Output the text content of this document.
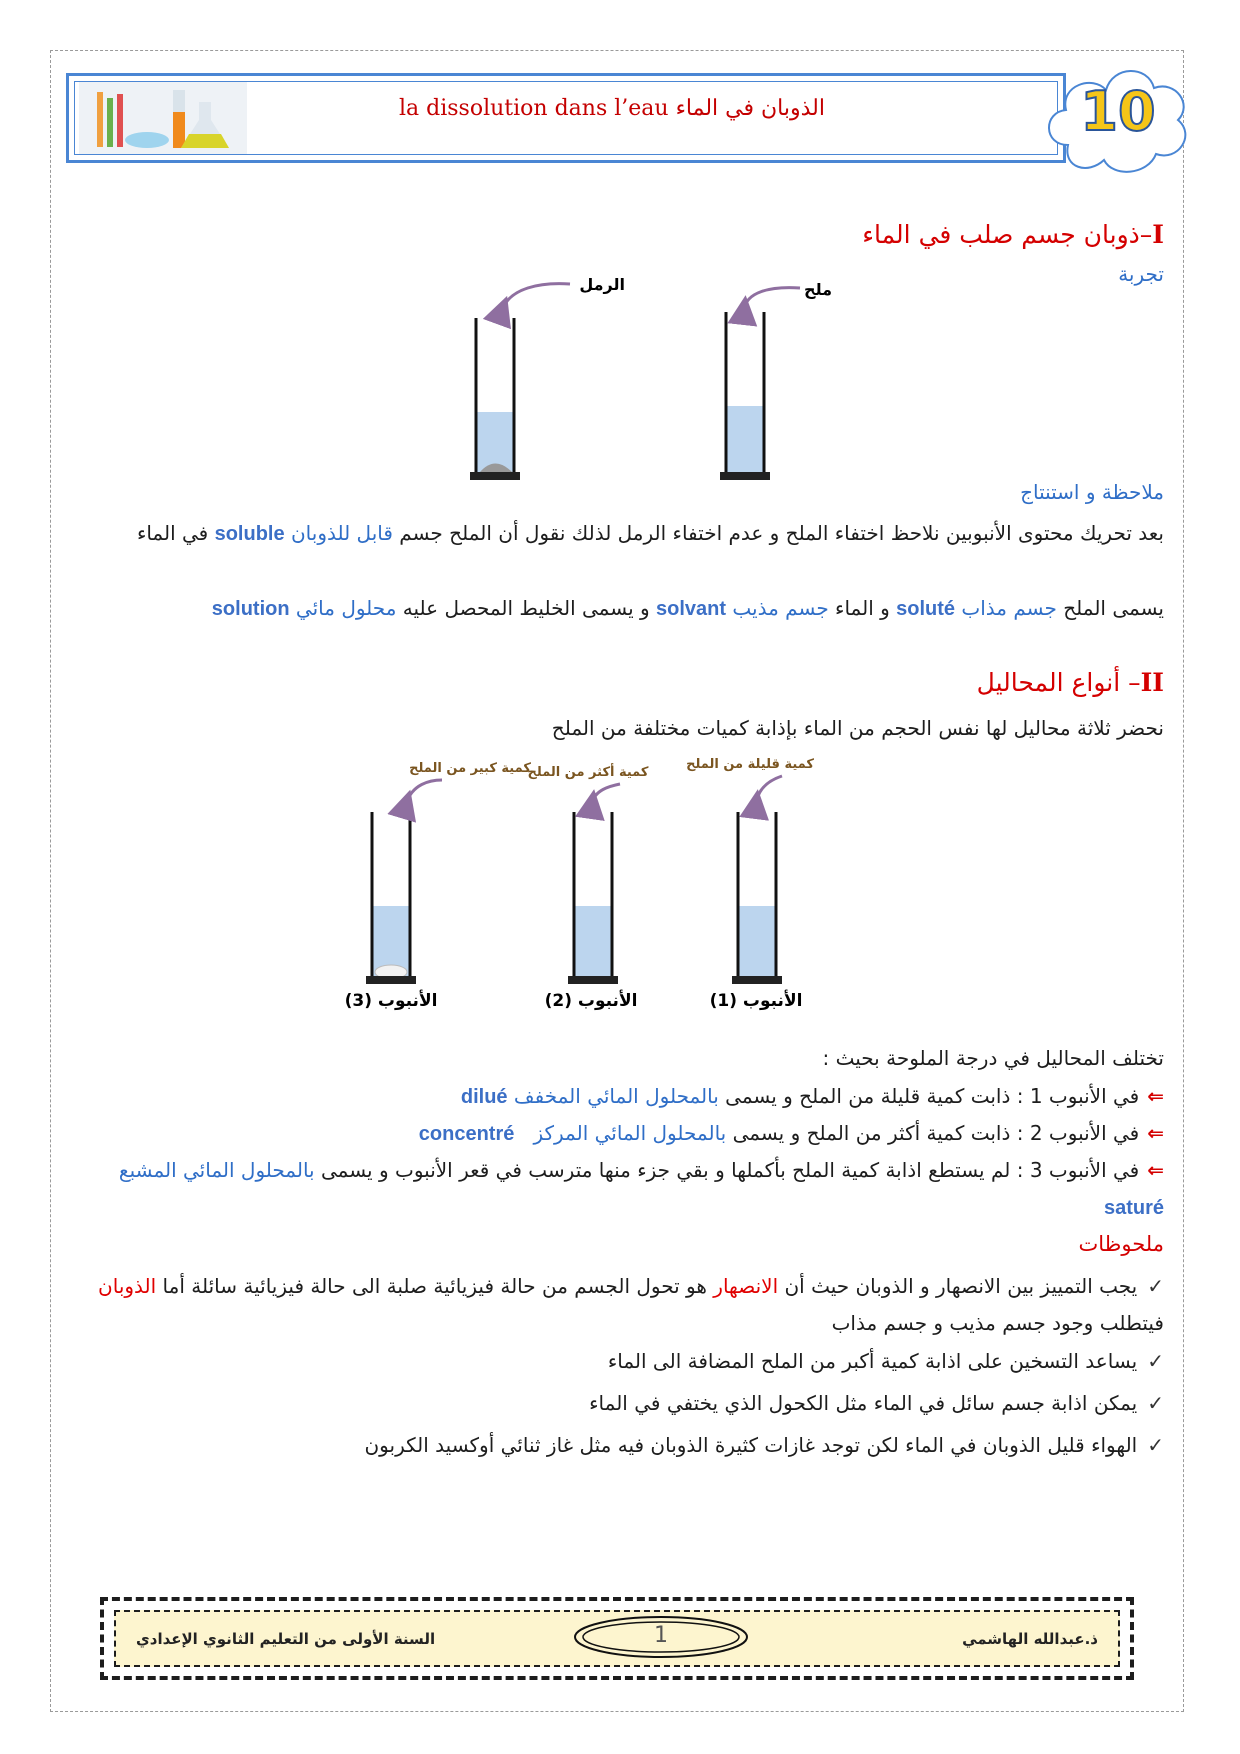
la dissolution dans l’eau الذوبان في الماء	10
I–ذوبان جسم صلب في الماء
تجربة
الرمل	ملح
ملاحظة و استنتاج
بعد تحريك محتوى الأنبوبين نلاحظ اختفاء الملح و عدم اختفاء الرمل لذلك نقول أن الملح جسم قابل للذوبان soluble في الماء
يسمى الملح جسم مذاب soluté و الماء جسم مذيب solvant و يسمى الخليط المحصل عليه محلول مائي solution
II– أنواع المحاليل
نحضر ثلاثة محاليل لها نفس الحجم من الماء بإذابة كميات مختلفة من الملح
كمية كبير من الملح
الأنبوب (3)
كمية أكثر من الملح
الأنبوب (2)
كمية قليلة من الملح
الأنبوب (1)
تختلف المحاليل في درجة الملوحة بحيث :
⇐في الأنبوب 1 : ذابت كمية قليلة من الملح و يسمى بالمحلول المائي المخفف dilué
⇐في الأنبوب 2 : ذابت كمية أكثر من الملح و يسمى بالمحلول المائي المركز   concentré
⇐في الأنبوب 3 : لم يستطع اذابة كمية الملح بأكملها و بقي جزء منها مترسب في قعر الأنبوب و يسمى بالمحلول المائي المشبع saturé
ملحوظات
✓يجب التمييز بين الانصهار و الذوبان حيث أن الانصهار هو تحول الجسم من حالة فيزيائية صلبة الى حالة فيزيائية سائلة أما الذوبان فيتطلب وجود جسم مذيب و جسم مذاب
✓يساعد التسخين على اذابة كمية أكبر من الملح المضافة الى الماء
✓يمكن اذابة جسم سائل في الماء مثل الكحول الذي يختفي في الماء
✓الهواء قليل الذوبان في الماء لكن توجد غازات كثيرة الذوبان فيه مثل غاز ثنائي أوكسيد الكربون
السنة الأولى من التعليم الثانوي الإعدادي	1	ذ.عبدالله الهاشمي
